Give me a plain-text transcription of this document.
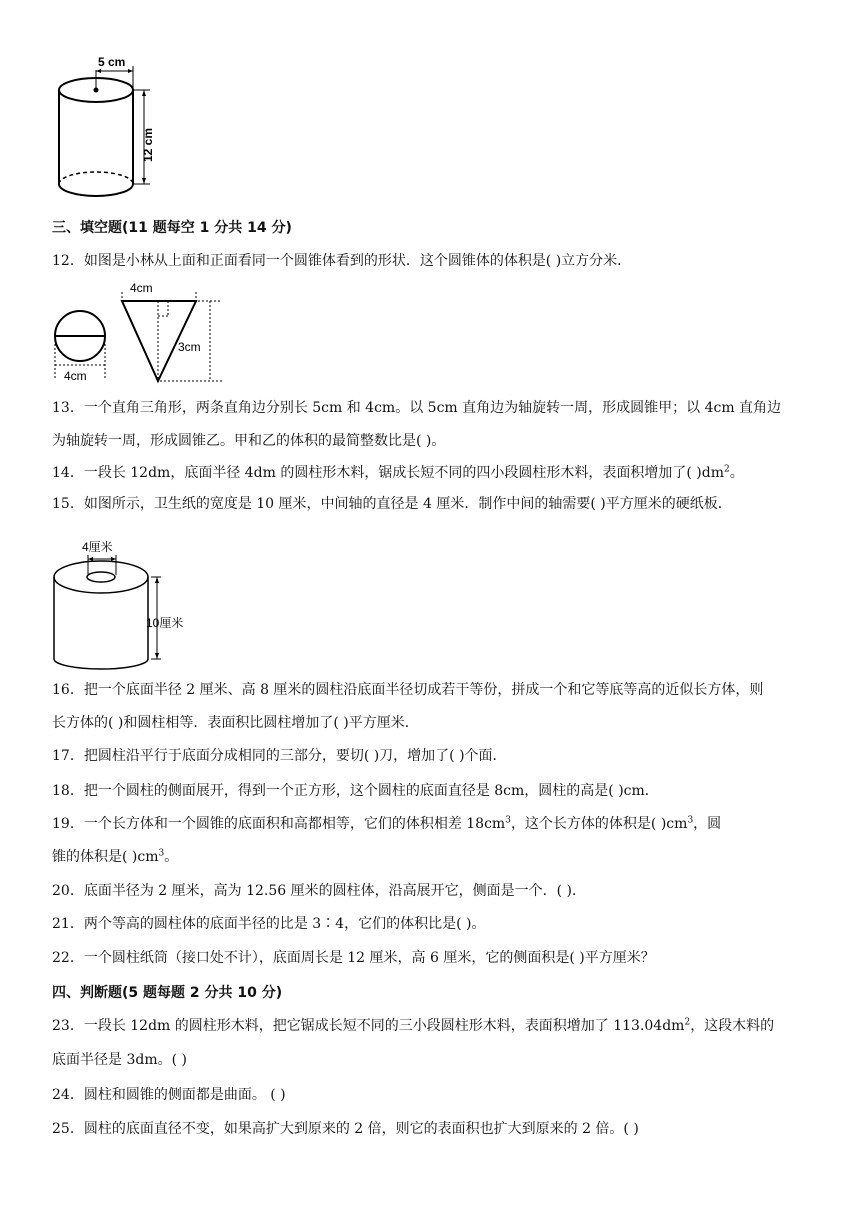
5 cm
12 cm
三、填空题(11 题每空 1 分共 14 分)
12．如图是小林从上面和正面看同一个圆锥体看到的形状．这个圆锥体的体积是( )立方分米．
4cm
4cm
3cm
13．一个直角三角形，两条直角边分别长 5cm 和 4cm。以 5cm 直角边为轴旋转一周，形成圆锥甲；以 4cm 直角边
为轴旋转一周，形成圆锥乙。甲和乙的体积的最简整数比是( )。
14．一段长 12dm，底面半径 4dm 的圆柱形木料，锯成长短不同的四小段圆柱形木料，表面积增加了( )$dm^2$。
15．如图所示，卫生纸的宽度是 10 厘米，中间轴的直径是 4 厘米．制作中间的轴需要( )平方厘米的硬纸板．
4厘米
10厘米
16．把一个底面半径 2 厘米、高 8 厘米的圆柱沿底面半径切成若干等份，拼成一个和它等底等高的近似长方体，则
长方体的( )和圆柱相等．表面积比圆柱增加了( )平方厘米．
17．把圆柱沿平行于底面分成相同的三部分，要切( )刀，增加了( )个面．
18．把一个圆柱的侧面展开，得到一个正方形，这个圆柱的底面直径是 8cm，圆柱的高是( )cm．
19．一个长方体和一个圆锥的底面积和高都相等，它们的体积相差 $18cm^3$，这个长方体的体积是( )$cm^3$，圆
锥的体积是( )$cm^3$。
20．底面半径为 2 厘米，高为 12.56 厘米的圆柱体，沿高展开它，侧面是一个．( )．
21．两个等高的圆柱体的底面半径的比是 3∶4，它们的体积比是( )。
22．一个圆柱纸筒（接口处不计），底面周长是 12 厘米，高 6 厘米，它的侧面积是( )平方厘米？
四、判断题(5 题每题 2 分共 10 分)
23．一段长 12dm 的圆柱形木料，把它锯成长短不同的三小段圆柱形木料，表面积增加了 $113.04dm^2$，这段木料的
底面半径是 3dm。( )
24．圆柱和圆锥的侧面都是曲面。 ( )
25．圆柱的底面直径不变，如果高扩大到原来的 2 倍，则它的表面积也扩大到原来的 2 倍。( )
